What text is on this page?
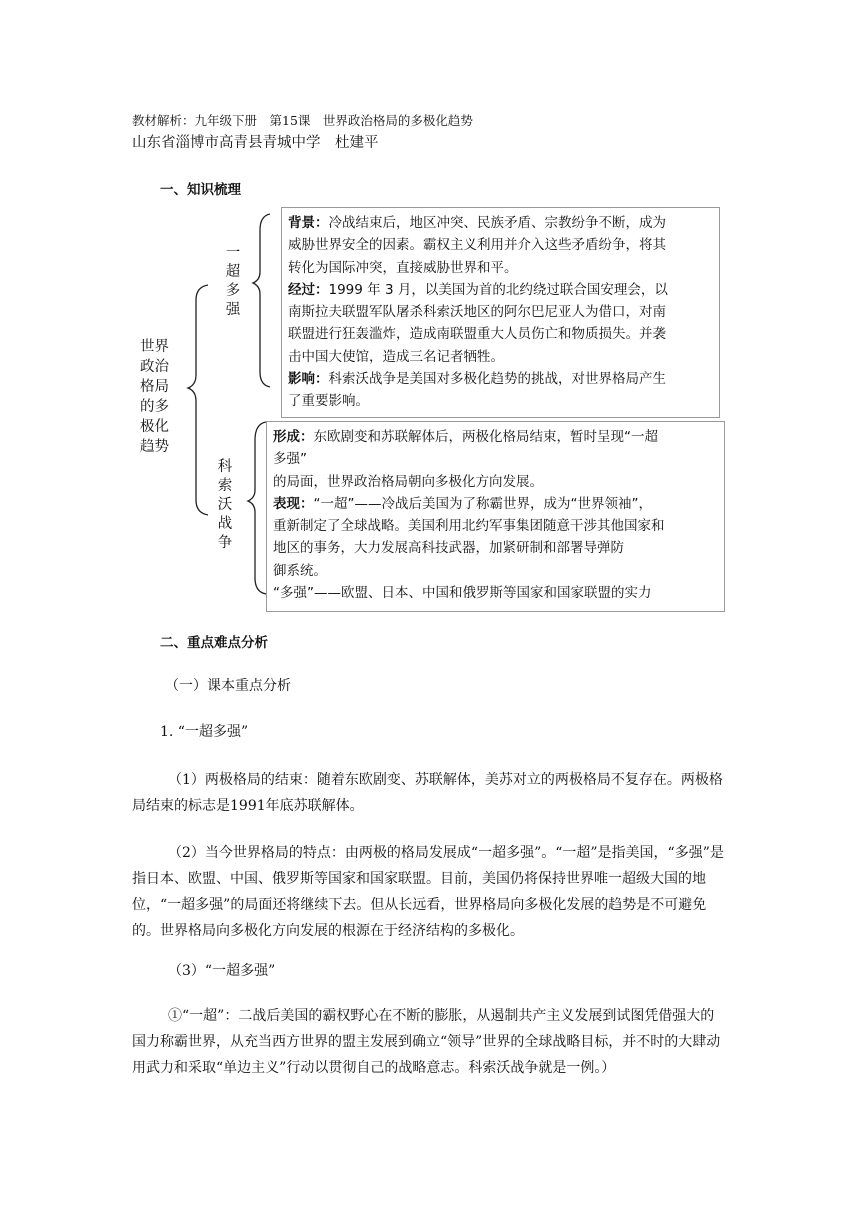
教材解析：九年级下册　第15课　世界政治格局的多极化趋势
山东省淄博市高青县青城中学　杜建平
一、知识梳理
世界
政治
格局
的多
极化
趋势
一
超
多
强
科
索
沃
战
争
背景：冷战结束后，地区冲突、民族矛盾、宗教纷争不断，成为
威胁世界安全的因素。霸权主义利用并介入这些矛盾纷争，将其
转化为国际冲突，直接威胁世界和平。
经过：1999 年 3 月，以美国为首的北约绕过联合国安理会，以
南斯拉夫联盟军队屠杀科索沃地区的阿尔巴尼亚人为借口，对南
联盟进行狂轰滥炸，造成南联盟重大人员伤亡和物质损失。并袭
击中国大使馆，造成三名记者牺牲。
影响：科索沃战争是美国对多极化趋势的挑战，对世界格局产生
了重要影响。
形成：东欧剧变和苏联解体后，两极化格局结束，暂时呈现“一超
多强”
的局面，世界政治格局朝向多极化方向发展。
表现：“一超”——冷战后美国为了称霸世界，成为“世界领袖”，
重新制定了全球战略。美国利用北约军事集团随意干涉其他国家和
地区的事务，大力发展高科技武器，加紧研制和部署导弹防
御系统。
“多强”——欧盟、日本、中国和俄罗斯等国家和国家联盟的实力
二、重点难点分析
（一）课本重点分析
1. “一超多强”
（1）两极格局的结束：随着东欧剧变、苏联解体，美苏对立的两极格局不复存在。两极格局结束的标志是1991年底苏联解体。
（2）当今世界格局的特点：由两极的格局发展成“一超多强”。“一超”是指美国，“多强”是指日本、欧盟、中国、俄罗斯等国家和国家联盟。目前，美国仍将保持世界唯一超级大国的地位，“一超多强”的局面还将继续下去。但从长远看，世界格局向多极化发展的趋势是不可避免的。世界格局向多极化方向发展的根源在于经济结构的多极化。
（3）“一超多强”
①“一超”：二战后美国的霸权野心在不断的膨胀，从遏制共产主义发展到试图凭借强大的国力称霸世界，从充当西方世界的盟主发展到确立“领导”世界的全球战略目标，并不时的大肆动用武力和采取“单边主义”行动以贯彻自己的战略意志。科索沃战争就是一例。）
